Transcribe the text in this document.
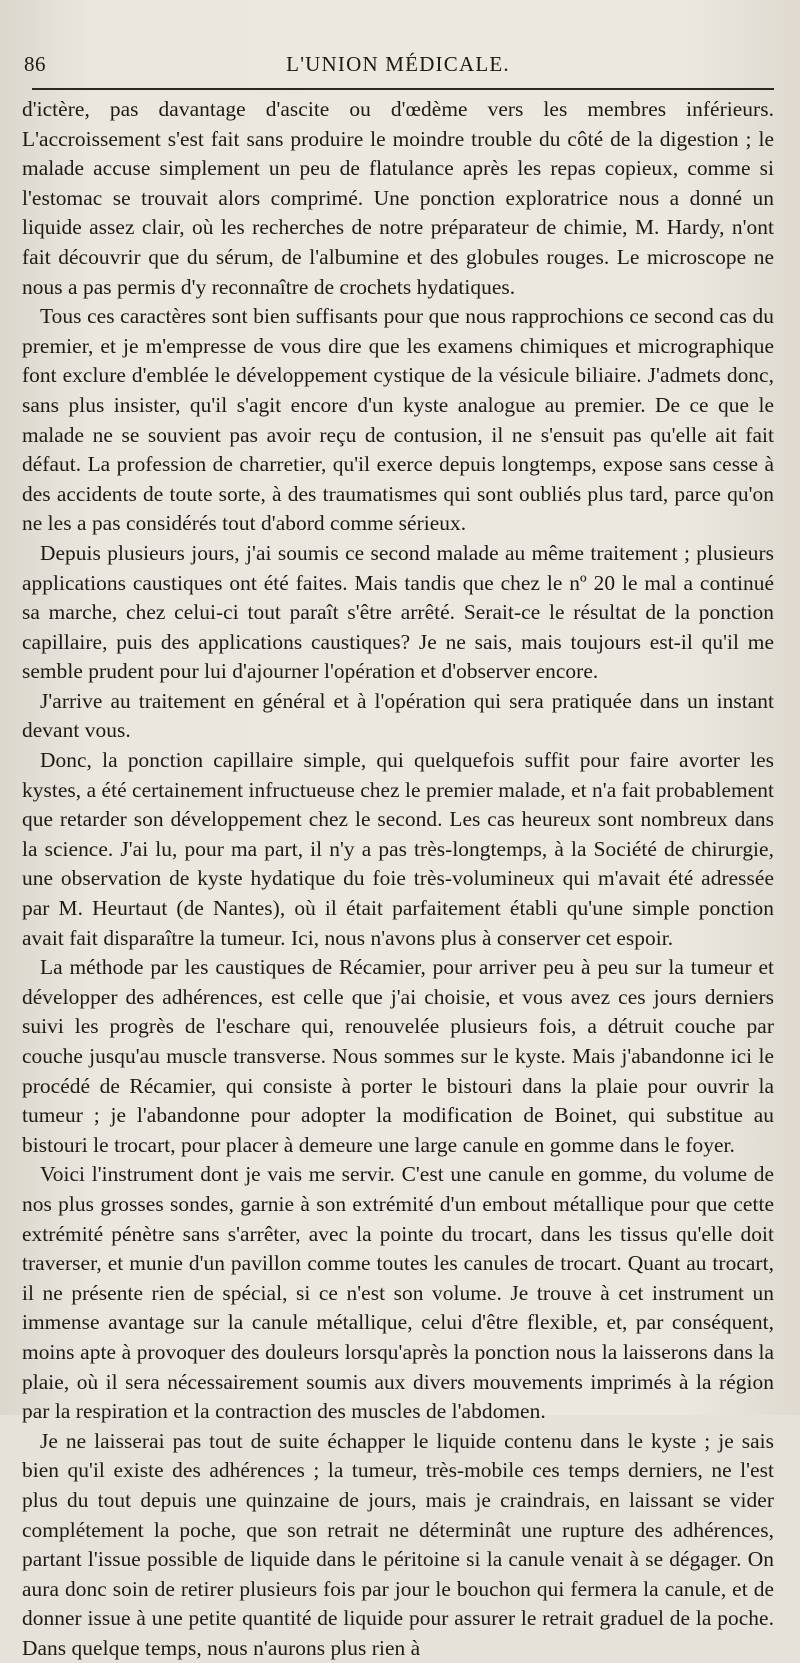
86	L'UNION MÉDICALE.

d'ictère, pas davantage d'ascite ou d'œdème vers les membres inférieurs. L'accroissement s'est fait sans produire le moindre trouble du côté de la digestion ; le malade accuse simplement un peu de flatulance après les repas copieux, comme si l'estomac se trouvait alors comprimé. Une ponction exploratrice nous a donné un liquide assez clair, où les recherches de notre préparateur de chimie, M. Hardy, n'ont fait découvrir que du sérum, de l'albumine et des globules rouges. Le microscope ne nous a pas permis d'y reconnaître de crochets hydatiques.

Tous ces caractères sont bien suffisants pour que nous rapprochions ce second cas du premier, et je m'empresse de vous dire que les examens chimiques et micrographique font exclure d'emblée le développement cystique de la vésicule biliaire. J'admets donc, sans plus insister, qu'il s'agit encore d'un kyste analogue au premier. De ce que le malade ne se souvient pas avoir reçu de contusion, il ne s'ensuit pas qu'elle ait fait défaut. La profession de charretier, qu'il exerce depuis longtemps, expose sans cesse à des accidents de toute sorte, à des traumatismes qui sont oubliés plus tard, parce qu'on ne les a pas considérés tout d'abord comme sérieux.

Depuis plusieurs jours, j'ai soumis ce second malade au même traitement ; plusieurs applications caustiques ont été faites. Mais tandis que chez le nº 20 le mal a continué sa marche, chez celui-ci tout paraît s'être arrêté. Serait-ce le résultat de la ponction capillaire, puis des applications caustiques? Je ne sais, mais toujours est-il qu'il me semble prudent pour lui d'ajourner l'opération et d'observer encore.

J'arrive au traitement en général et à l'opération qui sera pratiquée dans un instant devant vous.

Donc, la ponction capillaire simple, qui quelquefois suffit pour faire avorter les kystes, a été certainement infructueuse chez le premier malade, et n'a fait probablement que retarder son développement chez le second. Les cas heureux sont nombreux dans la science. J'ai lu, pour ma part, il n'y a pas très-longtemps, à la Société de chirurgie, une observation de kyste hydatique du foie très-volumineux qui m'avait été adressée par M. Heurtaut (de Nantes), où il était parfaitement établi qu'une simple ponction avait fait disparaître la tumeur. Ici, nous n'avons plus à conserver cet espoir.

La méthode par les caustiques de Récamier, pour arriver peu à peu sur la tumeur et développer des adhérences, est celle que j'ai choisie, et vous avez ces jours derniers suivi les progrès de l'eschare qui, renouvelée plusieurs fois, a détruit couche par couche jusqu'au muscle transverse. Nous sommes sur le kyste. Mais j'abandonne ici le procédé de Récamier, qui consiste à porter le bistouri dans la plaie pour ouvrir la tumeur ; je l'abandonne pour adopter la modification de Boinet, qui substitue au bistouri le trocart, pour placer à demeure une large canule en gomme dans le foyer.

Voici l'instrument dont je vais me servir. C'est une canule en gomme, du volume de nos plus grosses sondes, garnie à son extrémité d'un embout métallique pour que cette extrémité pénètre sans s'arrêter, avec la pointe du trocart, dans les tissus qu'elle doit traverser, et munie d'un pavillon comme toutes les canules de trocart. Quant au trocart, il ne présente rien de spécial, si ce n'est son volume. Je trouve à cet instrument un immense avantage sur la canule métallique, celui d'être flexible, et, par conséquent, moins apte à provoquer des douleurs lorsqu'après la ponction nous la laisserons dans la plaie, où il sera nécessairement soumis aux divers mouvements imprimés à la région par la respiration et la contraction des muscles de l'abdomen.

Je ne laisserai pas tout de suite échapper le liquide contenu dans le kyste ; je sais bien qu'il existe des adhérences ; la tumeur, très-mobile ces temps derniers, ne l'est plus du tout depuis une quinzaine de jours, mais je craindrais, en laissant se vider complétement la poche, que son retrait ne déterminât une rupture des adhérences, partant l'issue possible de liquide dans le péritoine si la canule venait à se dégager. On aura donc soin de retirer plusieurs fois par jour le bouchon qui fermera la canule, et de donner issue à une petite quantité de liquide pour assurer le retrait graduel de la poche. Dans quelque temps, nous n'aurons plus rien à
